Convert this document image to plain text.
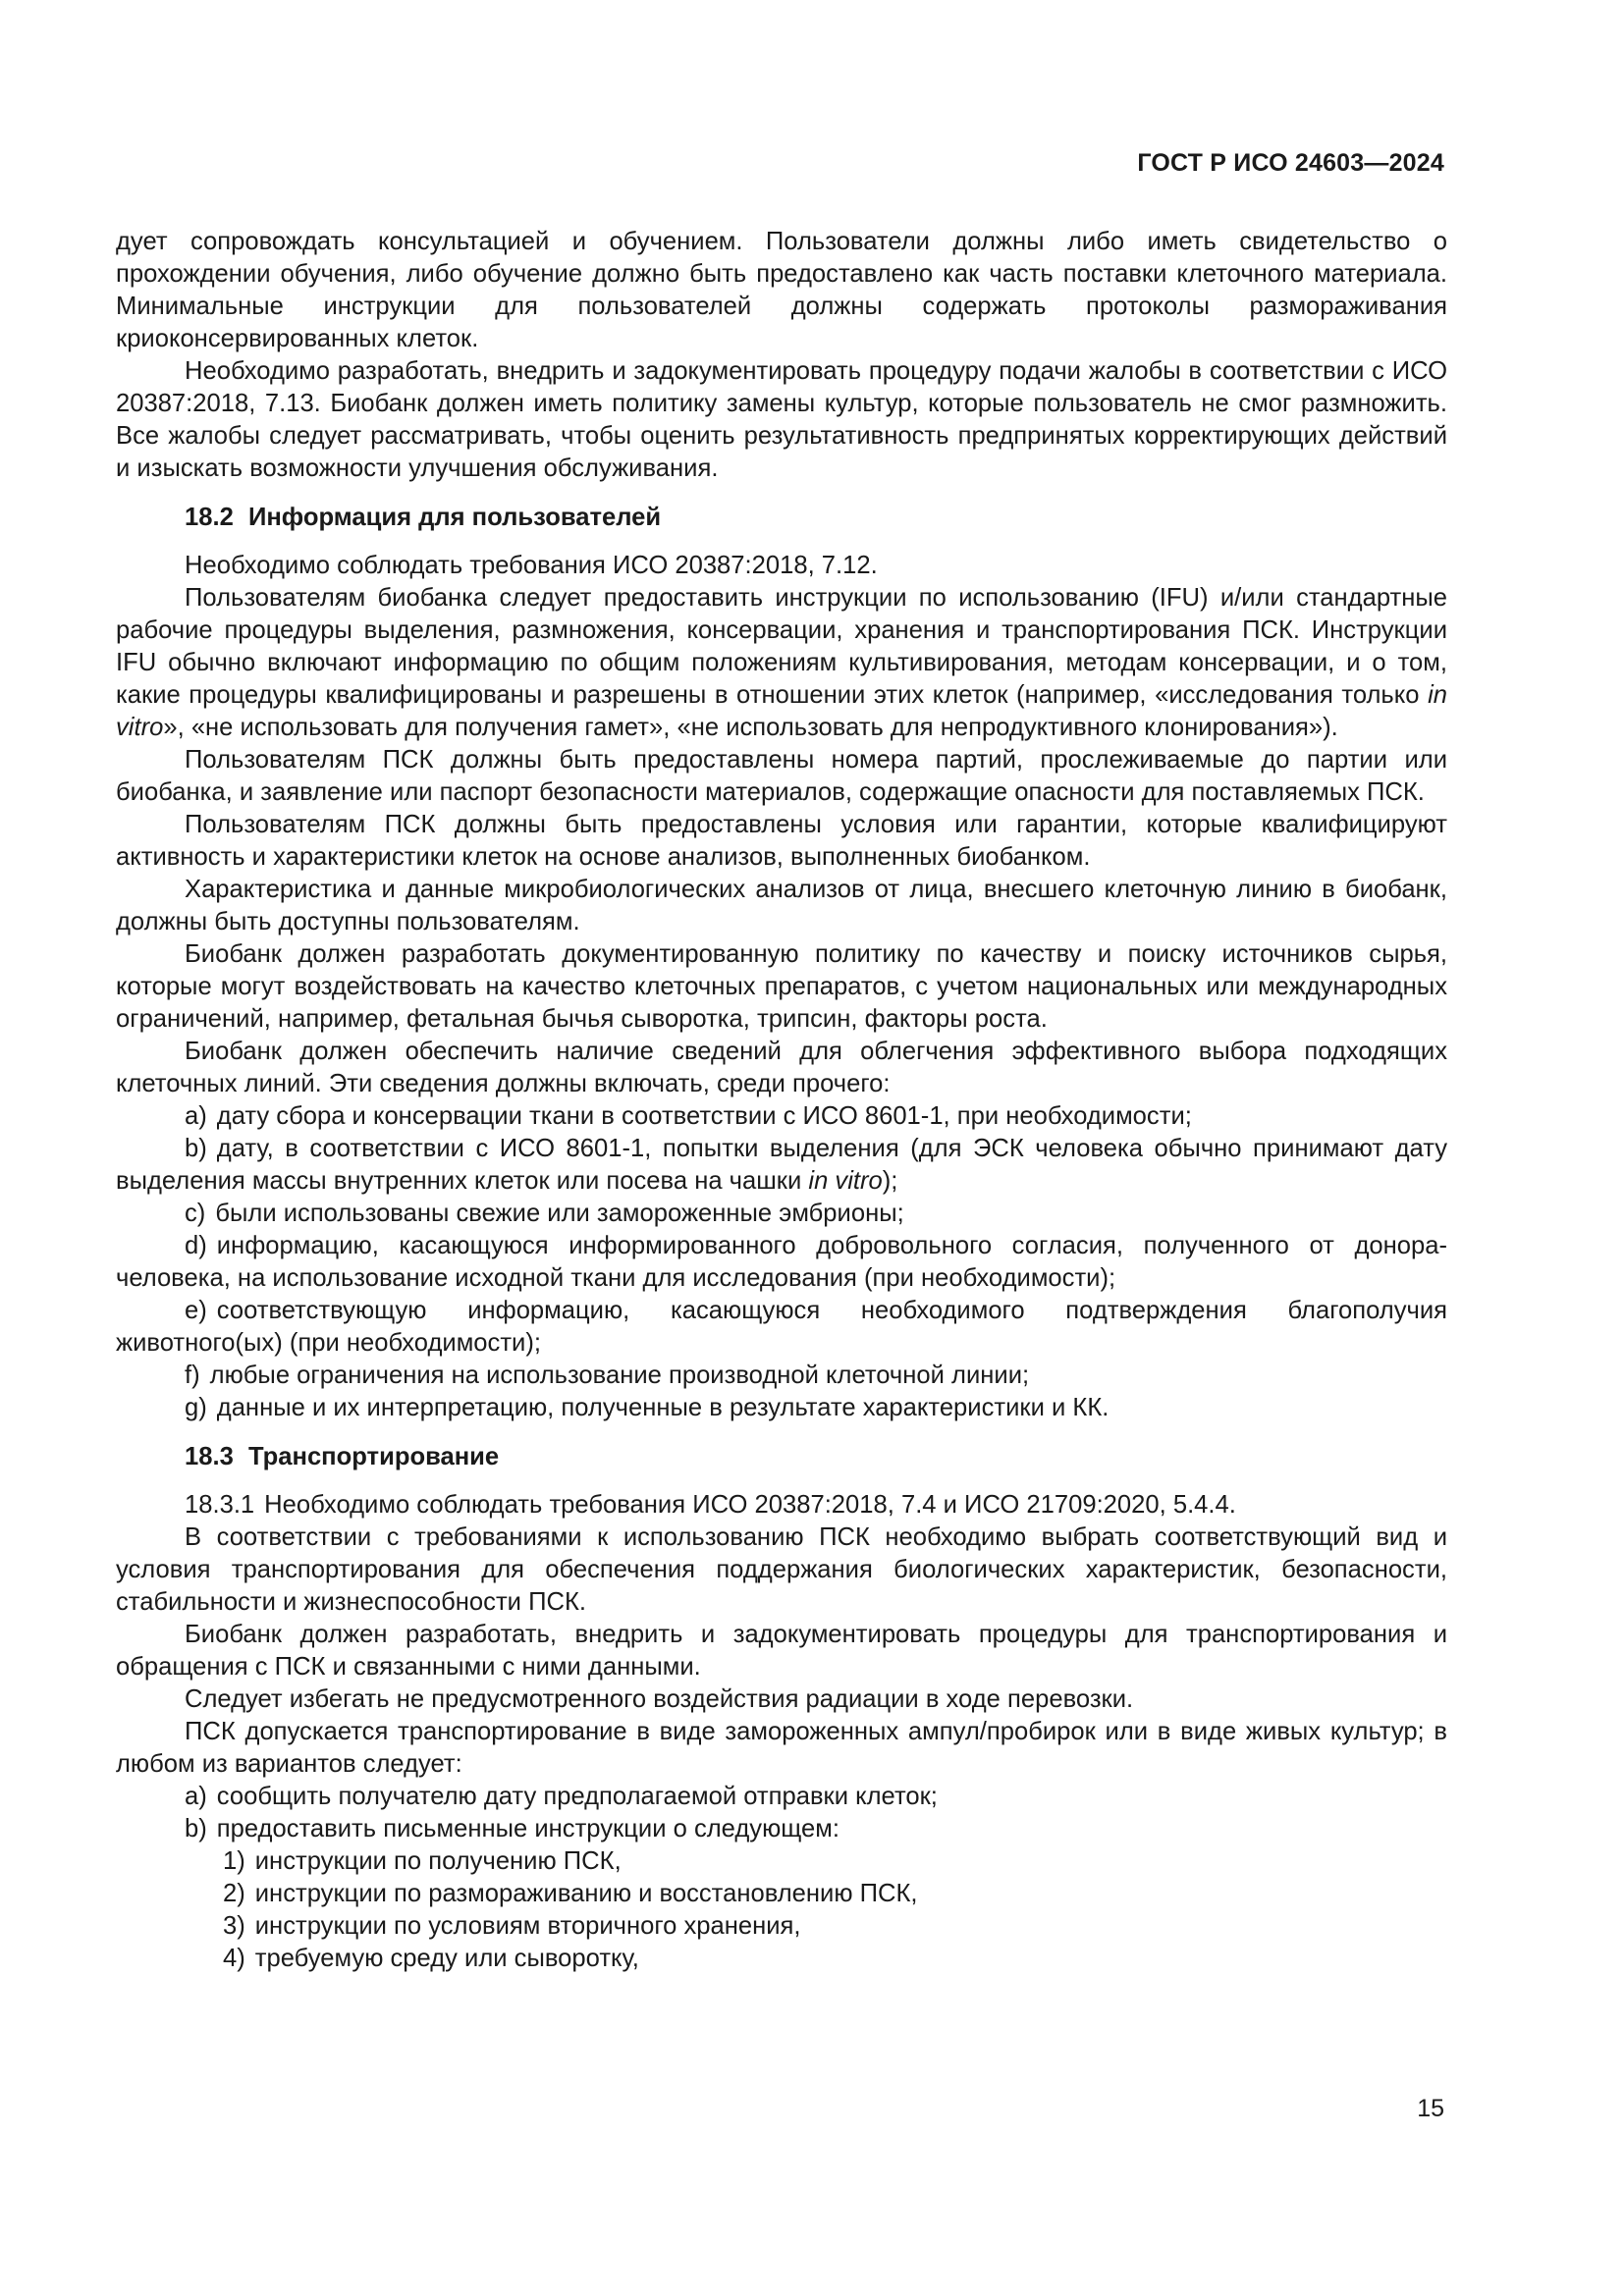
ГОСТ Р ИСО 24603—2024

дует сопровождать консультацией и обучением. Пользователи должны либо иметь свидетельство о прохождении обучения, либо обучение должно быть предоставлено как часть поставки клеточного материала. Минимальные инструкции для пользователей должны содержать протоколы размораживания криоконсервированных клеток.

Необходимо разработать, внедрить и задокументировать процедуру подачи жалобы в соответствии с ИСО 20387:2018, 7.13. Биобанк должен иметь политику замены культур, которые пользователь не смог размножить. Все жалобы следует рассматривать, чтобы оценить результативность предпринятых корректирующих действий и изыскать возможности улучшения обслуживания.

18.2 Информация для пользователей

Необходимо соблюдать требования ИСО 20387:2018, 7.12.

Пользователям биобанка следует предоставить инструкции по использованию (IFU) и/или стандартные рабочие процедуры выделения, размножения, консервации, хранения и транспортирования ПСК. Инструкции IFU обычно включают информацию по общим положениям культивирования, методам консервации, и о том, какие процедуры квалифицированы и разрешены в отношении этих клеток (например, «исследования только in vitro», «не использовать для получения гамет», «не использовать для непродуктивного клонирования»).

Пользователям ПСК должны быть предоставлены номера партий, прослеживаемые до партии или биобанка, и заявление или паспорт безопасности материалов, содержащие опасности для поставляемых ПСК.

Пользователям ПСК должны быть предоставлены условия или гарантии, которые квалифицируют активность и характеристики клеток на основе анализов, выполненных биобанком.

Характеристика и данные микробиологических анализов от лица, внесшего клеточную линию в биобанк, должны быть доступны пользователям.

Биобанк должен разработать документированную политику по качеству и поиску источников сырья, которые могут воздействовать на качество клеточных препаратов, с учетом национальных или международных ограничений, например, фетальная бычья сыворотка, трипсин, факторы роста.

Биобанк должен обеспечить наличие сведений для облегчения эффективного выбора подходящих клеточных линий. Эти сведения должны включать, среди прочего:

a) дату сбора и консервации ткани в соответствии с ИСО 8601-1, при необходимости;

b) дату, в соответствии с ИСО 8601-1, попытки выделения (для ЭСК человека обычно принимают дату выделения массы внутренних клеток или посева на чашки in vitro);

c) были использованы свежие или замороженные эмбрионы;

d) информацию, касающуюся информированного добровольного согласия, полученного от донора-человека, на использование исходной ткани для исследования (при необходимости);

e) соответствующую информацию, касающуюся необходимого подтверждения благополучия животного(ых) (при необходимости);

f) любые ограничения на использование производной клеточной линии;

g) данные и их интерпретацию, полученные в результате характеристики и КК.

18.3 Транспортирование

18.3.1 Необходимо соблюдать требования ИСО 20387:2018, 7.4 и ИСО 21709:2020, 5.4.4.

В соответствии с требованиями к использованию ПСК необходимо выбрать соответствующий вид и условия транспортирования для обеспечения поддержания биологических характеристик, безопасности, стабильности и жизнеспособности ПСК.

Биобанк должен разработать, внедрить и задокументировать процедуры для транспортирования и обращения с ПСК и связанными с ними данными.

Следует избегать не предусмотренного воздействия радиации в ходе перевозки.

ПСК допускается транспортирование в виде замороженных ампул/пробирок или в виде живых культур; в любом из вариантов следует:

a) сообщить получателю дату предполагаемой отправки клеток;

b) предоставить письменные инструкции о следующем:

1) инструкции по получению ПСК,

2) инструкции по размораживанию и восстановлению ПСК,

3) инструкции по условиям вторичного хранения,

4) требуемую среду или сыворотку,

15
